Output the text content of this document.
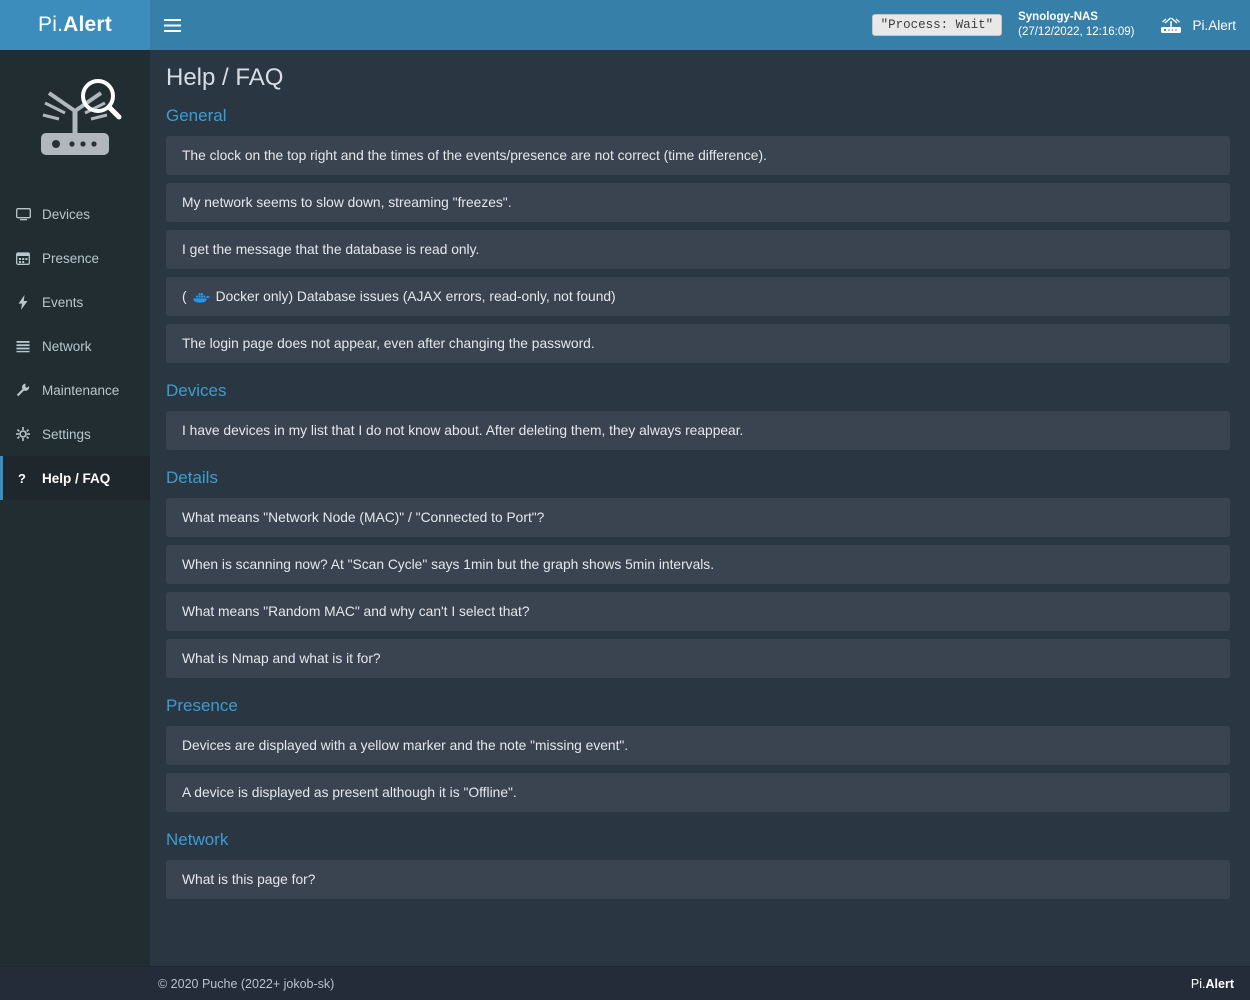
Pi. Alert	"Process: Wait"
Synology-NAS
(27/12/2022, 12:16:09)	Pi.Alert
Devices
Presence
Events
Network
Maintenance
Settings
? Help / FAQ
Help / FAQ
General
The clock on the top right and the times of the events/presence are not correct (time difference).
My network seems to slow down, streaming "freezes".
I get the message that the database is read only.
( Docker only) Database issues (AJAX errors, read-only, not found)
The login page does not appear, even after changing the password.
Devices
I have devices in my list that I do not know about. After deleting them, they always reappear.
Details
What means "Network Node (MAC)" / "Connected to Port"?
When is scanning now? At "Scan Cycle" says 1min but the graph shows 5min intervals.
What means "Random MAC" and why can't I select that?
What is Nmap and what is it for?
Presence
Devices are displayed with a yellow marker and the note "missing event".
A device is displayed as present although it is "Offline".
Network
What is this page for?
© 2020 Puche (2022+ jokob-sk)	Pi.Alert
